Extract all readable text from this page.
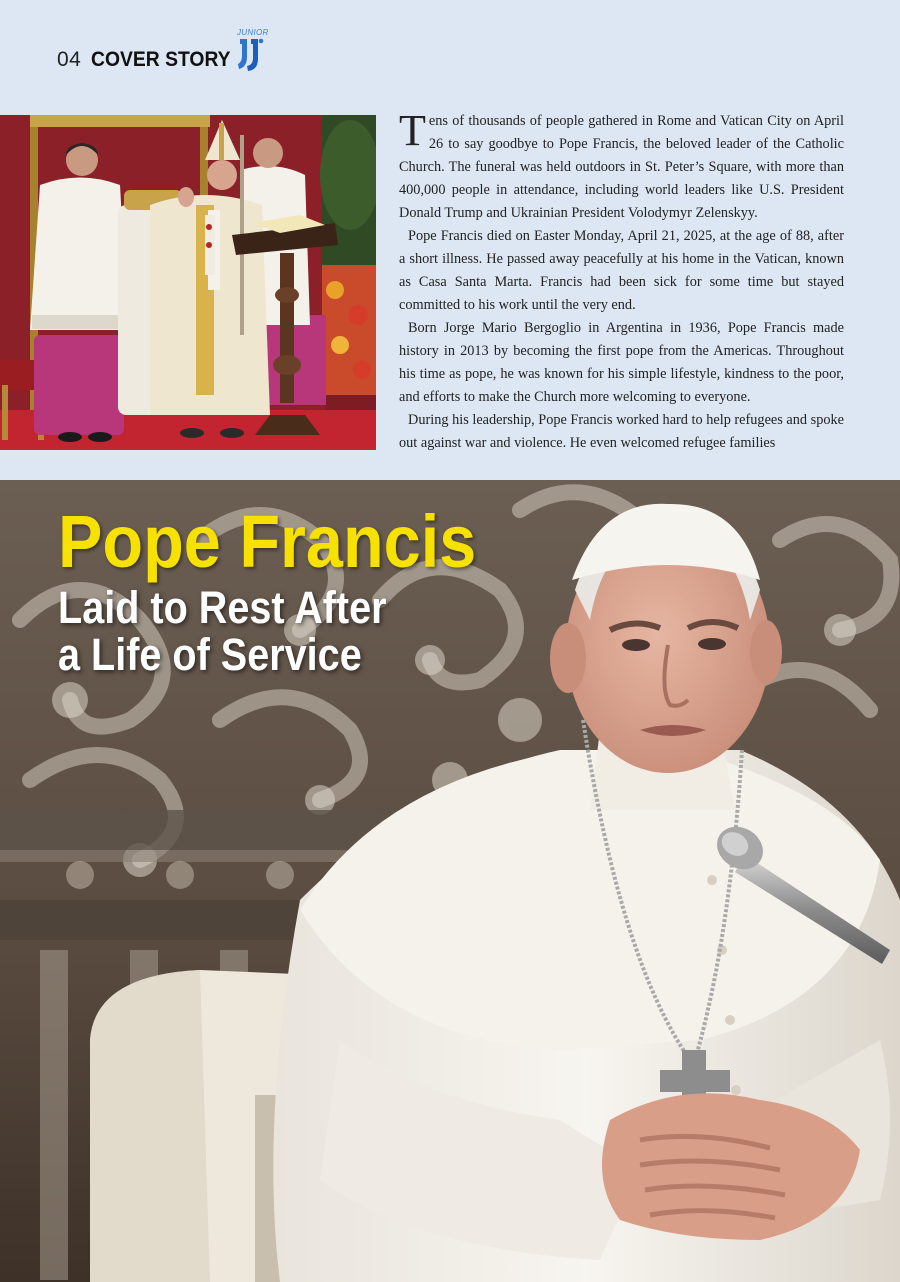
04 COVER STORY
JUNIOR

Tens of thousands of people gathered in Rome and Vatican City on April 26 to say goodbye to Pope Francis, the beloved leader of the Catholic Church. The funeral was held outdoors in St. Peter’s Square, with more than 400,000 people in attendance, including world leaders like U.S. President Donald Trump and Ukrainian President Volodymyr Zelenskyy.

Pope Francis died on Easter Monday, April 21, 2025, at the age of 88, after a short illness. He passed away peacefully at his home in the Vatican, known as Casa Santa Marta. Francis had been sick for some time but stayed committed to his work until the very end.

Born Jorge Mario Bergoglio in Argentina in 1936, Pope Francis made history in 2013 by becoming the first pope from the Americas. Throughout his time as pope, he was known for his simple lifestyle, kindness to the poor, and efforts to make the Church more welcoming to everyone.

During his leadership, Pope Francis worked hard to help refugees and spoke out against war and violence. He even welcomed refugee families

Pope Francis
Laid to Rest After
a Life of Service
